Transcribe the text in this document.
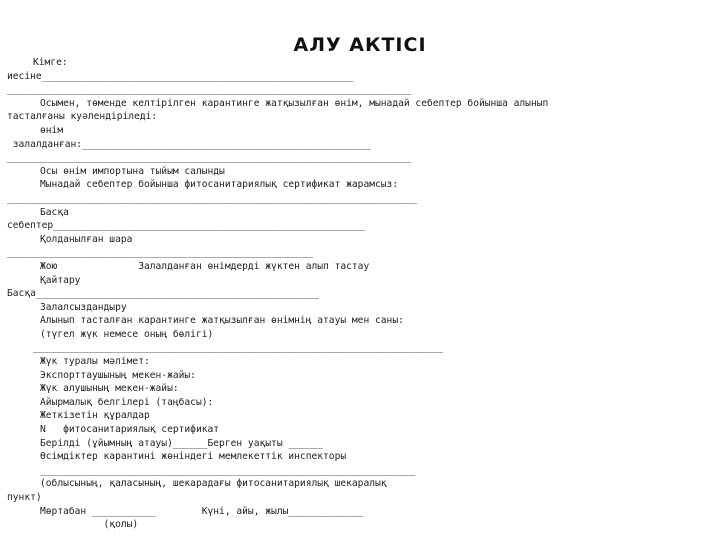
АЛУ АКТІСІ
Кімге:
иесіне______________________________________________________
______________________________________________________________________
Осымен, төменде келтірілген карантинге жатқызылған өнім, мынадай себептер бойынша алынып
тасталғаны куәлендіріледі:
өнім
залалданған:__________________________________________________
______________________________________________________________________
Осы өнім импортына тыйым салынды
Мынадай себептер бойынша фитосанитариялық сертификат жарамсыз:
_______________________________________________________________________
Басқа
себептер______________________________________________________
Қолданылған шара
_____________________________________________________
Жою              Залалданған өнімдерді жүктен алып тастау
Қайтару
Басқа_________________________________________________
Залалсыздандыру
Алынып тасталған карантинге жатқызылған өнімнің атауы мен саны:
(түгел жүк немесе оның бөлігі)
_______________________________________________________________________
Жүк туралы мәлімет:
Экспорттаушының мекен-жайы:
Жүк алушының мекен-жайы:
Айырмалық белгілері (таңбасы):
Жеткізетін құралдар
N   фитосанитариялық сертификат
Берілді (ұйымның атауы)______Берген уақыты ______
Өсімдіктер карантині жөніндегі мемлекеттік инспекторы
_________________________________________________________________
(облысының, қаласының, шекарадағы фитосанитариялық шекаралық
пункт)
Мөртабан ___________        Күні, айы, жылы_____________
(қолы)
